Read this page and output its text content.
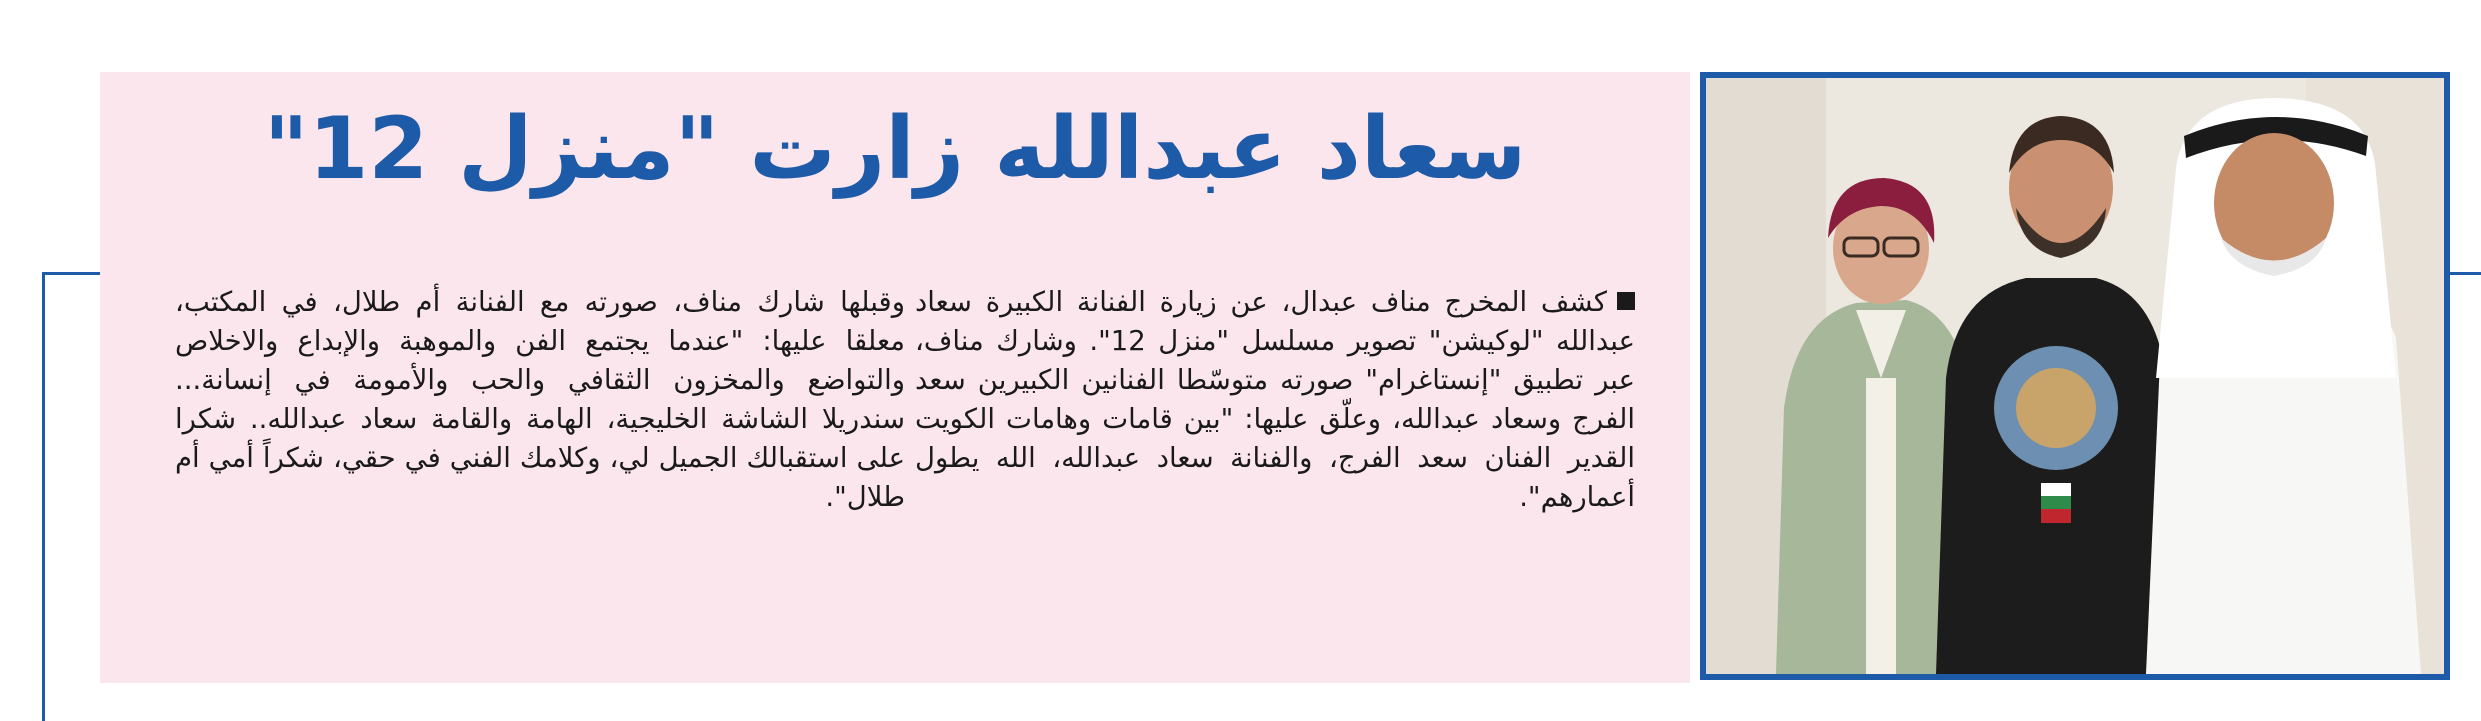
سعاد عبدالله زارت "منزل 12"
كشف المخرج مناف عبدال، عن زيارة الفنانة الكبيرة سعاد عبدالله "لوكيشن" تصوير مسلسل "منزل 12". وشارك مناف، عبر تطبيق "إنستاغرام" صورته متوسّطا الفنانين الكبيرين سعد الفرج وسعاد عبدالله، وعلّق عليها: "بين قامات وهامات الكويت القدير الفنان سعد الفرج، والفنانة سعاد عبدالله، الله يطول أعمارهم".
وقبلها شارك مناف، صورته مع الفنانة أم طلال، في المكتب، معلقا عليها: "عندما يجتمع الفن والموهبة والإبداع والاخلاص والتواضع والمخزون الثقافي والحب والأمومة في إنسانة... سندريلا الشاشة الخليجية، الهامة والقامة سعاد عبدالله.. شكرا على استقبالك الجميل لي، وكلامك الفني في حقي، شكراً أمي أم طلال".
